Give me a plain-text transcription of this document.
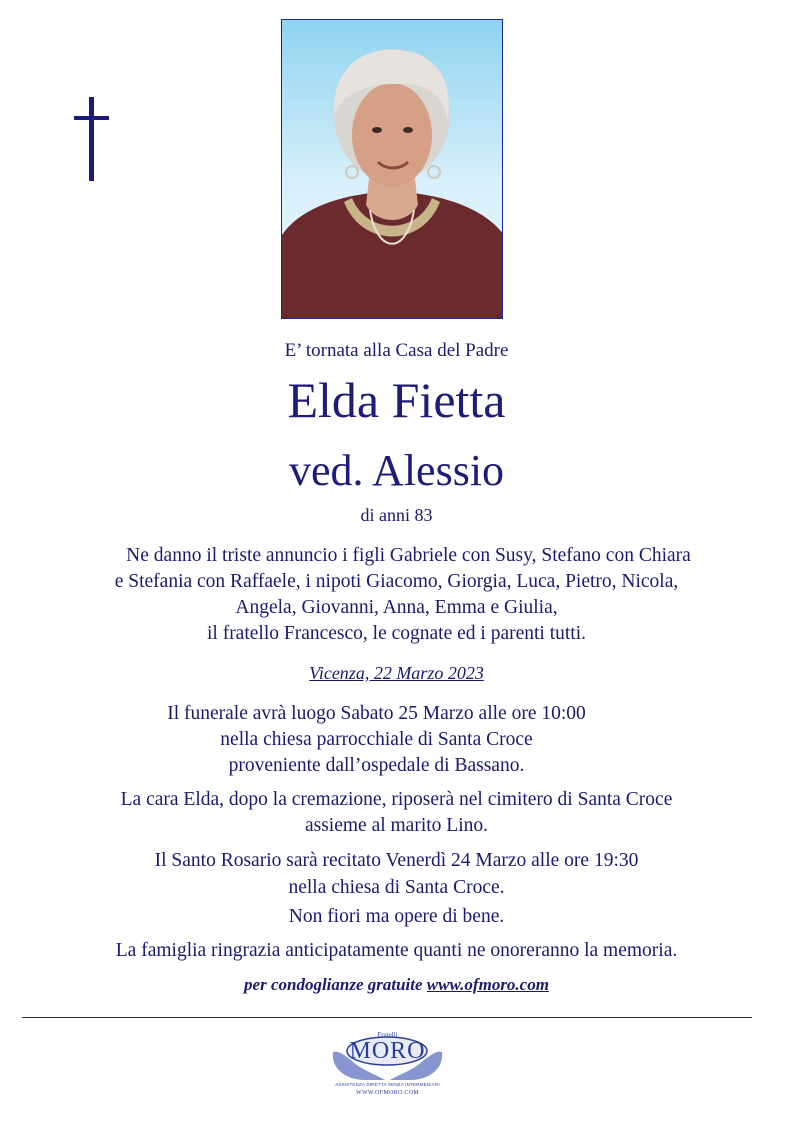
E’ tornata alla Casa del Padre
Elda Fietta
ved. Alessio
di anni 83
Ne danno il triste annuncio i figli Gabriele con Susy, Stefano con Chiara
e Stefania con Raffaele, i nipoti Giacomo, Giorgia, Luca, Pietro, Nicola,
Angela, Giovanni, Anna, Emma e Giulia,
il fratello Francesco, le cognate ed i parenti tutti.
Vicenza, 22 Marzo 2023
Il funerale avrà luogo Sabato 25 Marzo alle ore 10:00
nella chiesa parrocchiale di Santa Croce
proveniente dall’ospedale di Bassano.
La cara Elda, dopo la cremazione, riposerà nel cimitero di Santa Croce
assieme al marito Lino.
Il Santo Rosario sarà recitato Venerdì 24 Marzo alle ore 19:30
nella chiesa di Santa Croce.
Non fiori ma opere di bene.
La famiglia ringrazia anticipatamente quanti ne onoreranno la memoria.
per condoglianze gratuite www.ofmoro.com
Fratelli
MORO
ASSISTENZA DIRETTA SENZA INTERMEDIARI
WWW.OFMORO.COM
